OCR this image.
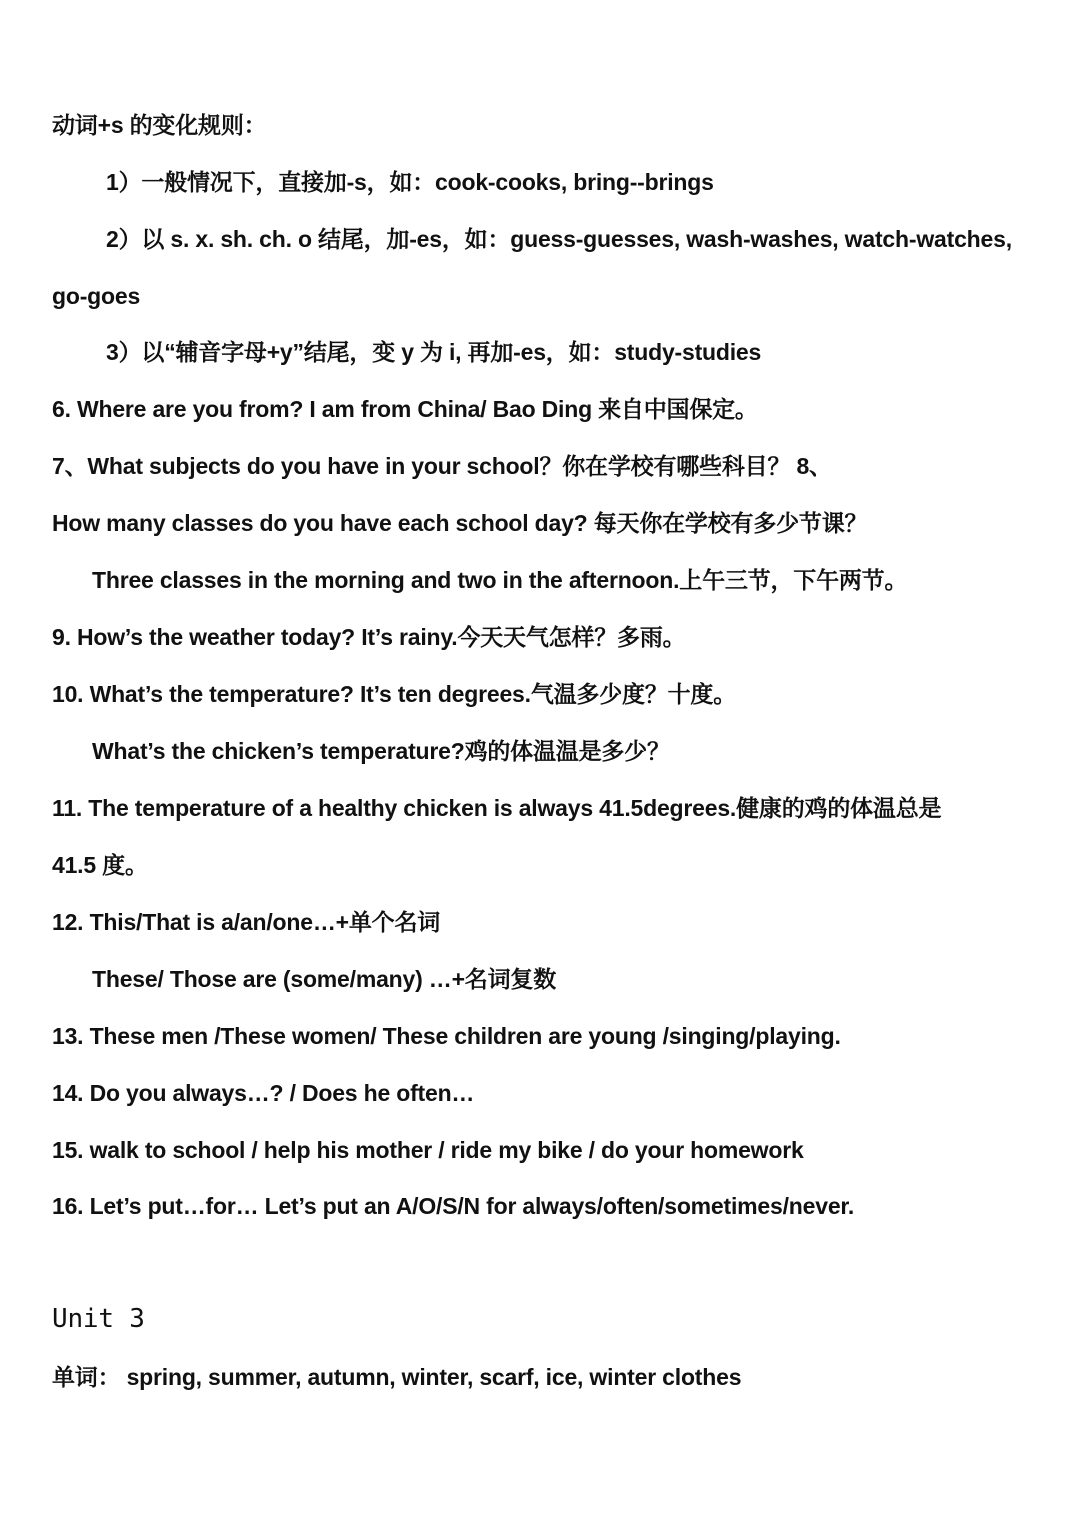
动词+s 的变化规则：
1）一般情况下，直接加-s，如：cook-cooks, bring--brings
2）以 s. x. sh. ch. o 结尾，加-es，如：guess-guesses, wash-washes, watch-watches,
go-goes
3）以“辅音字母+y”结尾，变 y 为 i, 再加-es，如：study-studies
6. Where are you from? I am from China/ Bao Ding 来自中国保定。
7、What subjects do you have in your school？你在学校有哪些科目？ 8、
How many classes do you have each school day? 每天你在学校有多少节课？
Three classes in the morning and two in the afternoon.上午三节，下午两节。
9. How’s the weather today? It’s rainy.今天天气怎样？多雨。
10. What’s the temperature? It’s ten degrees.气温多少度？十度。
What’s the chicken’s temperature?鸡的体温温是多少？
11. The temperature of a healthy chicken is always 41.5degrees.健康的鸡的体温总是
41.5 度。
12. This/That is a/an/one…+单个名词
These/ Those are (some/many) …+名词复数
13. These men /These women/ These children are young /singing/playing.
14. Do you always…? / Does he often…
15. walk to school / help his mother / ride my bike / do your homework
16. Let’s put…for… Let’s put an A/O/S/N for always/often/sometimes/never.
Unit 3
单词： spring, summer, autumn, winter, scarf, ice, winter clothes
